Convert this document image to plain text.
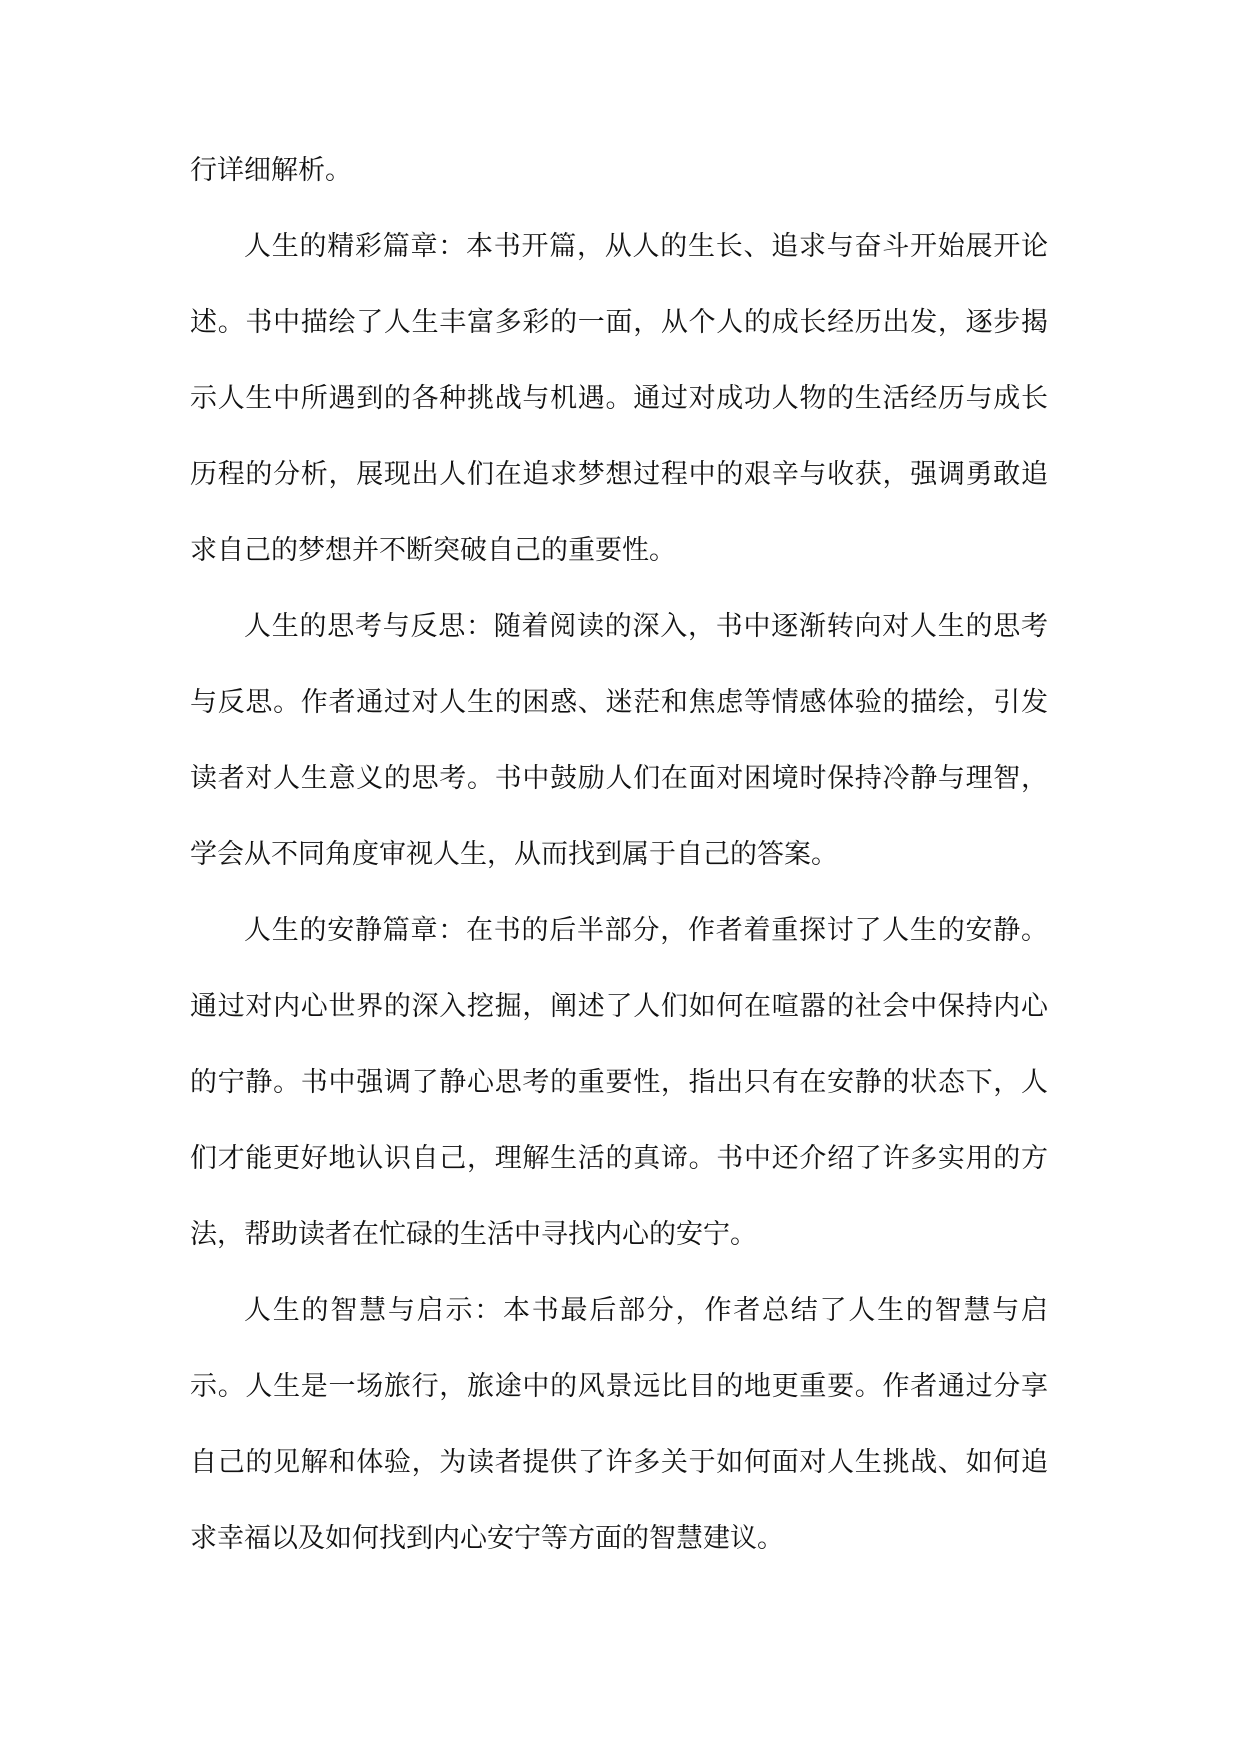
行详细解析。

人生的精彩篇章：本书开篇，从人的生长、追求与奋斗开始展开论述。书中描绘了人生丰富多彩的一面，从个人的成长经历出发，逐步揭示人生中所遇到的各种挑战与机遇。通过对成功人物的生活经历与成长历程的分析，展现出人们在追求梦想过程中的艰辛与收获，强调勇敢追求自己的梦想并不断突破自己的重要性。

人生的思考与反思：随着阅读的深入，书中逐渐转向对人生的思考与反思。作者通过对人生的困惑、迷茫和焦虑等情感体验的描绘，引发读者对人生意义的思考。书中鼓励人们在面对困境时保持冷静与理智，学会从不同角度审视人生，从而找到属于自己的答案。

人生的安静篇章：在书的后半部分，作者着重探讨了人生的安静。通过对内心世界的深入挖掘，阐述了人们如何在喧嚣的社会中保持内心的宁静。书中强调了静心思考的重要性，指出只有在安静的状态下，人们才能更好地认识自己，理解生活的真谛。书中还介绍了许多实用的方法，帮助读者在忙碌的生活中寻找内心的安宁。

人生的智慧与启示：本书最后部分，作者总结了人生的智慧与启示。人生是一场旅行，旅途中的风景远比目的地更重要。作者通过分享自己的见解和体验，为读者提供了许多关于如何面对人生挑战、如何追求幸福以及如何找到内心安宁等方面的智慧建议。
